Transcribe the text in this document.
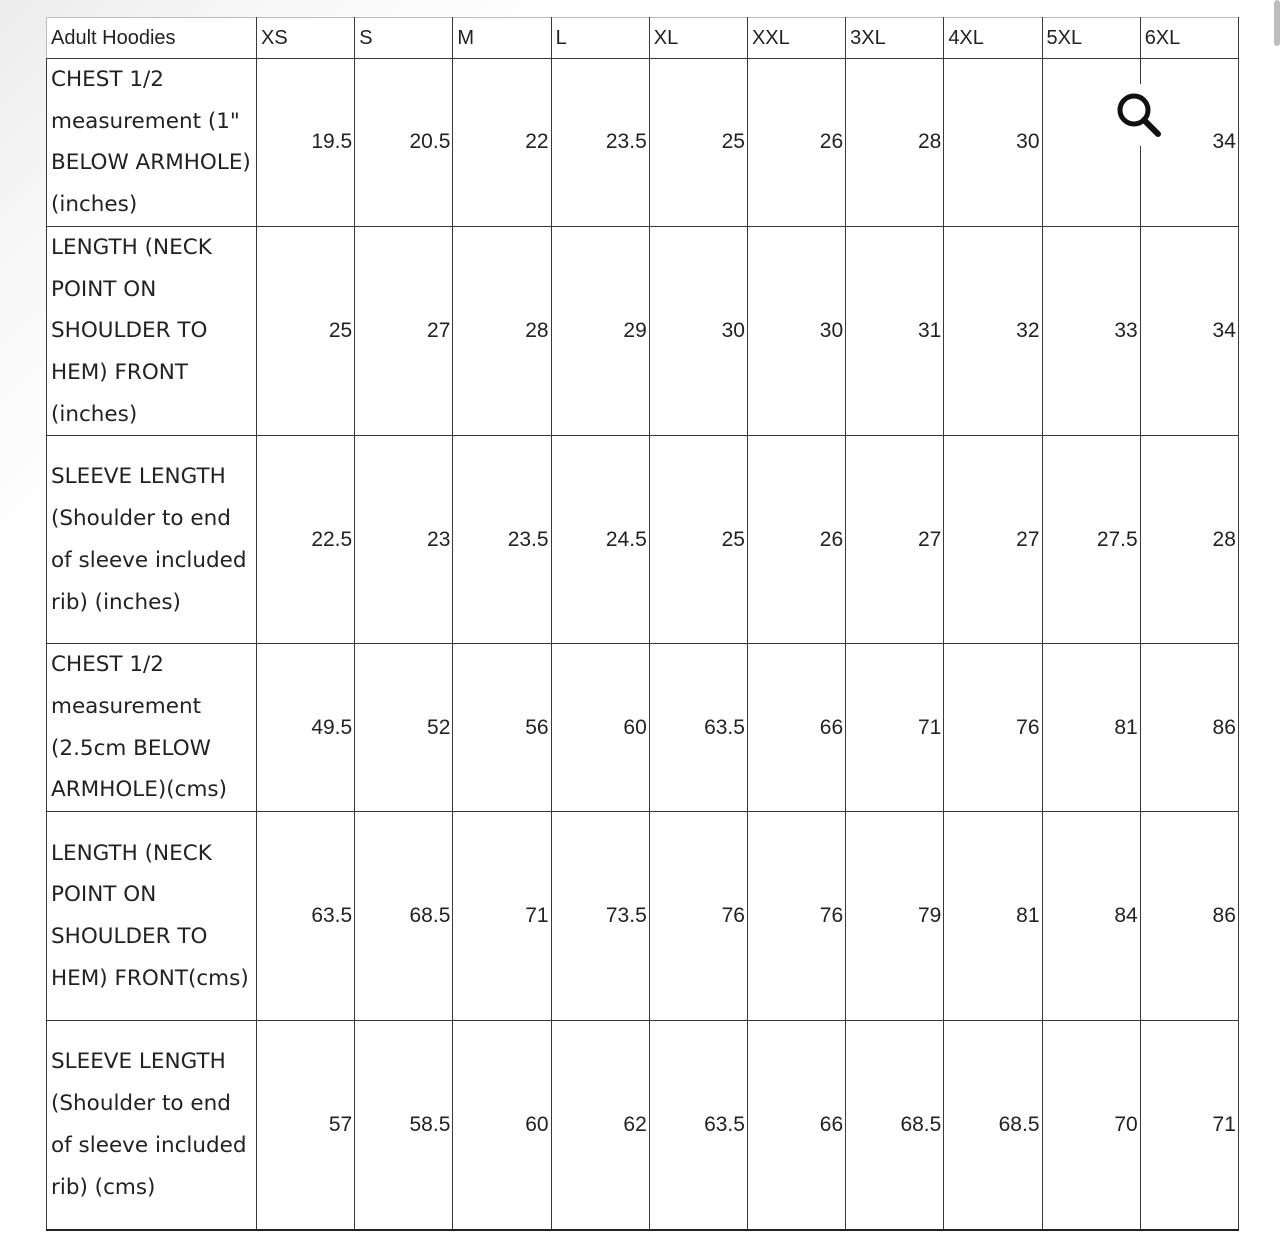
Adult Hoodies	XS	S	M	L	XL	XXL	3XL	4XL	5XL	6XL
CHEST 1/2
measurement (1"
BELOW ARMHOLE)
(inches)	19.5	20.5	22	23.5	25	26	28	30		34
LENGTH (NECK
POINT ON
SHOULDER TO
HEM) FRONT
(inches)	25	27	28	29	30	30	31	32	33	34
SLEEVE LENGTH
(Shoulder to end
of sleeve included
rib) (inches)	22.5	23	23.5	24.5	25	26	27	27	27.5	28
CHEST 1/2
measurement
(2.5cm BELOW
ARMHOLE)(cms)	49.5	52	56	60	63.5	66	71	76	81	86
LENGTH (NECK
POINT ON
SHOULDER TO
HEM) FRONT(cms)	63.5	68.5	71	73.5	76	76	79	81	84	86
SLEEVE LENGTH
(Shoulder to end
of sleeve included
rib) (cms)	57	58.5	60	62	63.5	66	68.5	68.5	70	71
